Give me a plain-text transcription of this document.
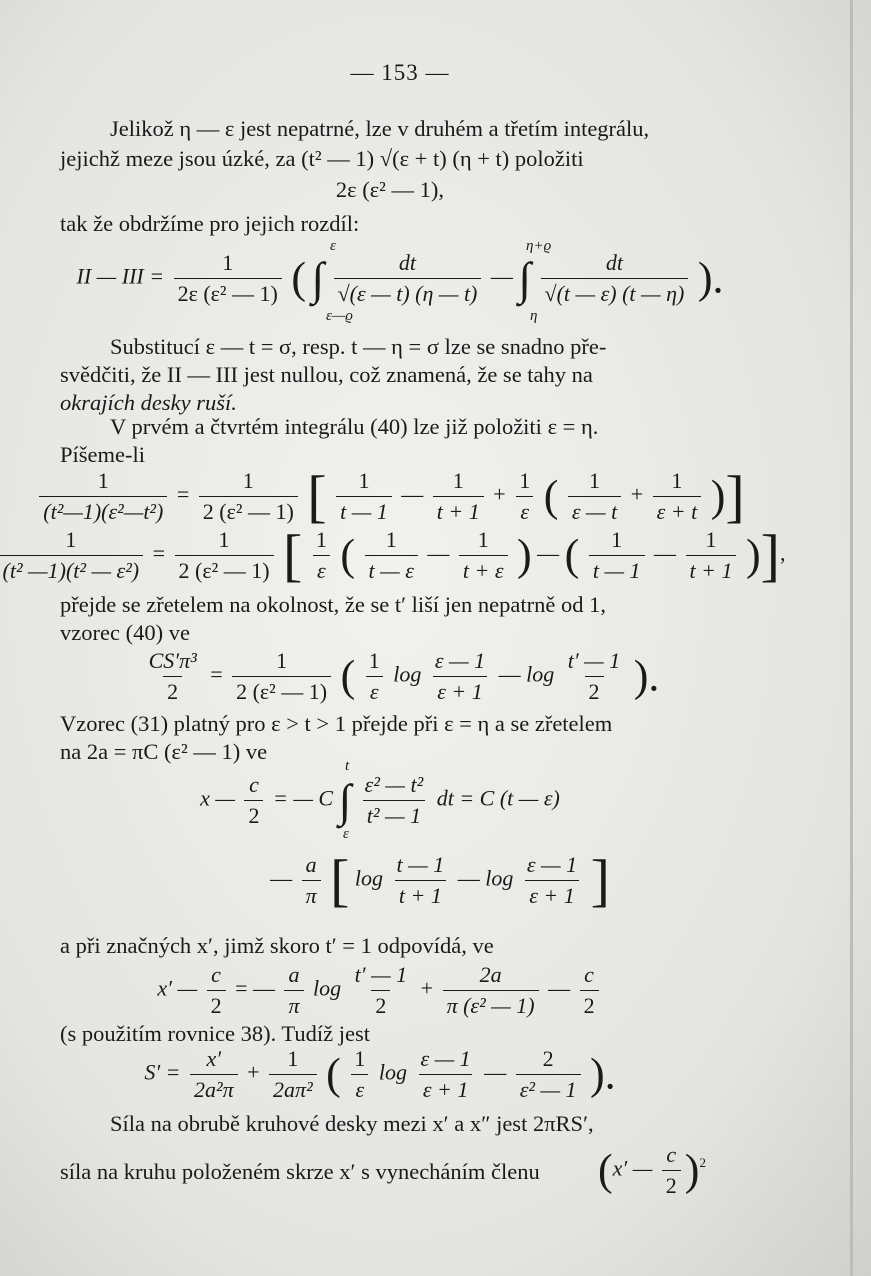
— 153 —
Jelikož η — ε jest nepatrné, lze v druhém a třetím integrálu,
jejichž meze jsou úzké, za (t² — 1) √(ε + t) (η + t) položiti
2ε (ε² — 1),
tak že obdržíme pro jejich rozdíl:
ε
ε—ϱ
η+ϱ
η
II — III = $\frac{1}{\text{2ε (ε² — 1)}}$ ( ∫ $\frac{dt}{√(\varepsilon — t) (\eta — t)}$ — ∫ $\frac{dt}{√(t — \varepsilon) (t — \eta)}$ ).
Substitucí ε — t = σ, resp. t — η = σ lze se snadno pře-
svědčiti, že II — III jest nullou, což znamená, že se tahy na
okrajích desky ruší.
V prvém a čtvrtém integrálu (40) lze již položiti ε = η.
Píšeme-li
$\frac{1}{\text{(t²—1)(ε²—t²)}} = \frac{1}{\text{2 (ε² — 1)}}$ [ $\frac{1}{t — 1}$ — $\frac{1}{t + 1} + \frac{1}{\varepsilon}$ ( $\frac{1}{\varepsilon — t} + \frac{1}{\varepsilon + t}$ )]
$\frac{1}{\text{(t² —1)(t² — ε²)}} = \frac{1}{\text{2 (ε² — 1)}}$ [ $\frac{1}{\varepsilon}$ ( $\frac{1}{t — \varepsilon}$ — $\frac{1}{t + \varepsilon}$ ) — ( $\frac{1}{t — 1}$ — $\frac{1}{t + 1}$ )],
přejde se zřetelem na okolnost, že se t′ liší jen nepatrně od 1,
vzorec (40) ve
$\frac{\text{CS′π³}}{2} = \frac{1}{\text{2 (ε² — 1)}}$ ( $\frac{1}{\varepsilon}$ $\log \frac{\varepsilon — 1}{\varepsilon + 1}$ — $\log \frac{t' — 1}{2}$ ).
Vzorec (31) platný pro ε > t > 1 přejde při ε = η a se zřetelem
na 2a = πC (ε² — 1) ve
t
ε
x — $\frac{c}{2}$ = — C ∫ $\frac{\text{ε² — t²}}{\text{t² — 1}}$ dt = C (t — ε)
— $\frac{a}{\pi}$ [ $\log \frac{t — 1}{t + 1}$ — $\log \frac{\varepsilon — 1}{\varepsilon + 1}$ ]
a při značných x′, jimž skoro t′ = 1 odpovídá, ve
x′ — $\frac{c}{2}$ = — $\frac{a}{\pi}$ $\log \frac{t' — 1}{2} + \frac{2a}{\text{π (ε² — 1)}}$ — $\frac{c}{2}$
(s použitím rovnice 38). Tudíž jest
$S' = \frac{x'}{\text{2a²π}} + \frac{1}{\text{2aπ²}}$ ( $\frac{1}{\varepsilon}$ $\log \frac{\varepsilon — 1}{\varepsilon + 1}$ — $\frac{2}{\text{ε² — 1}}$ ).
Síla na obrubě kruhové desky mezi x′ a x″ jest 2πRS′,
síla na kruhu položeném skrze x′ s vynecháním členu	(x′ — $\frac{c}{2} )^2$
